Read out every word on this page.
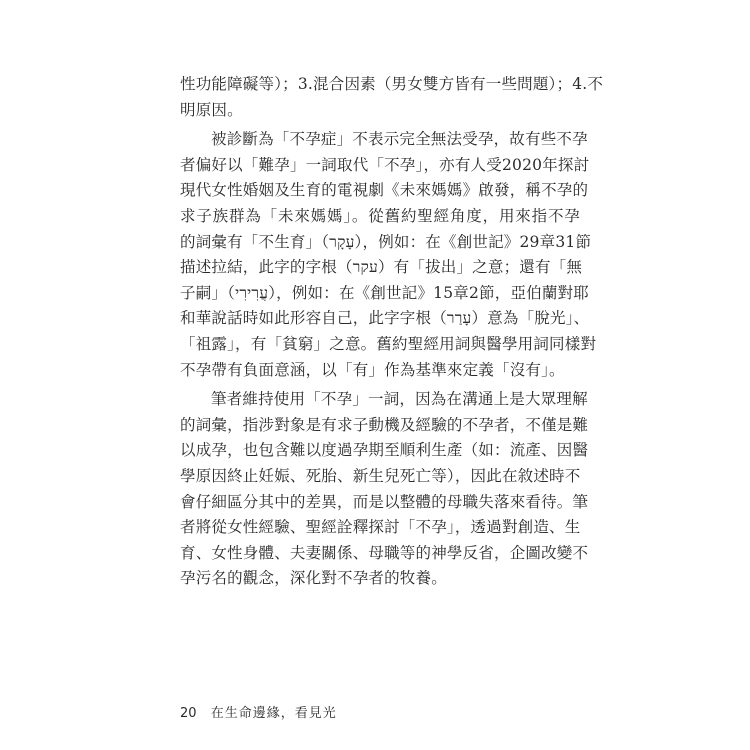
性功能障礙等）；3.混合因素（男女雙方皆有一些問題）；4.不
明原因。
被診斷為「不孕症」不表示完全無法受孕，故有些不孕
者偏好以「難孕」一詞取代「不孕」，亦有人受2020年探討
現代女性婚姻及生育的電視劇《未來媽媽》啟發，稱不孕的
求子族群為「未來媽媽」。從舊約聖經角度，用來指不孕
的詞彙有「不生育」（עָקָר），例如：在《創世記》29章31節
描述拉結，此字的字根（עקר）有「拔出」之意；還有「無
子嗣」（עֲרִירִי），例如：在《創世記》15章2節，亞伯蘭對耶
和華說話時如此形容自己，此字字根（עָרַר）意為「脫光」、
「祖露」，有「貧窮」之意。舊約聖經用詞與醫學用詞同樣對
不孕帶有負面意涵，以「有」作為基準來定義「沒有」。
筆者維持使用「不孕」一詞，因為在溝通上是大眾理解
的詞彙，指涉對象是有求子動機及經驗的不孕者，不僅是難
以成孕，也包含難以度過孕期至順利生產（如：流產、因醫
學原因終止妊娠、死胎、新生兒死亡等），因此在敘述時不
會仔細區分其中的差異，而是以整體的母職失落來看待。筆
者將從女性經驗、聖經詮釋探討「不孕」，透過對創造、生
育、女性身體、夫妻關係、母職等的神學反省，企圖改變不
孕污名的觀念，深化對不孕者的牧養。
20 在生命邊緣，看見光
